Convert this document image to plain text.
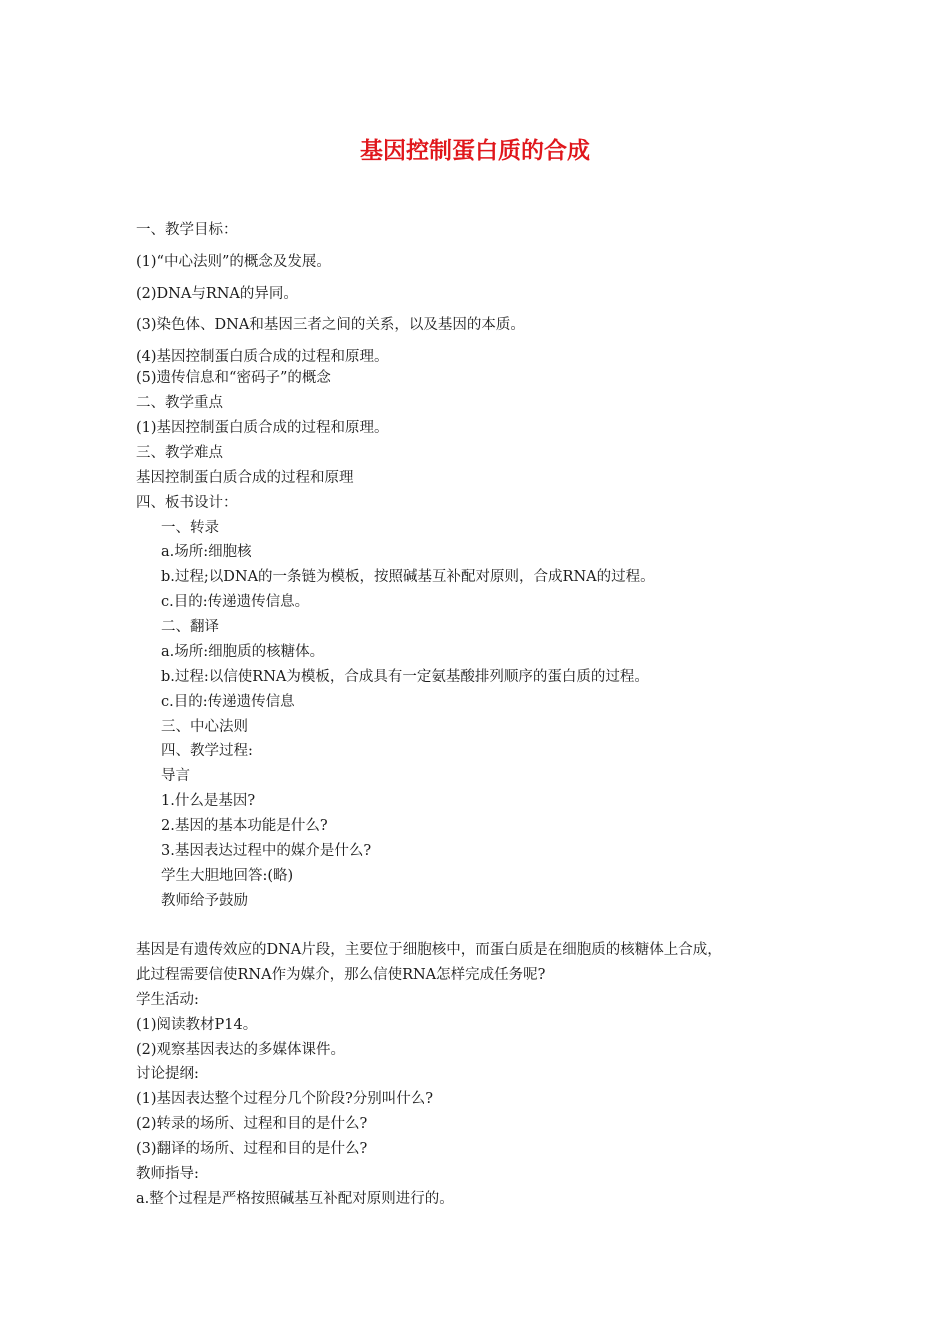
基因控制蛋白质的合成

一、教学目标：

(1)“中心法则”的概念及发展。

(2)DNA与RNA的异同。

(3)染色体、DNA和基因三者之间的关系，以及基因的本质。

(4)基因控制蛋白质合成的过程和原理。

(5)遗传信息和“密码子”的概念

二、教学重点

(1)基因控制蛋白质合成的过程和原理。

三、教学难点

基因控制蛋白质合成的过程和原理

四、板书设计：

一、转录

a.场所:细胞核

b.过程;以DNA的一条链为模板，按照碱基互补配对原则，合成RNA的过程。

c.目的:传递遗传信息。

二、翻译

a.场所:细胞质的核糖体。

b.过程:以信使RNA为模板，合成具有一定氨基酸排列顺序的蛋白质的过程。

c.目的:传递遗传信息

三、中心法则

四、教学过程:

导言

1.什么是基因?

2.基因的基本功能是什么?

3.基因表达过程中的媒介是什么?

学生大胆地回答:(略)

教师给予鼓励

基因是有遗传效应的DNA片段，主要位于细胞核中，而蛋白质是在细胞质的核糖体上合成，

此过程需要信使RNA作为媒介，那么信使RNA怎样完成任务呢?

学生活动:

(1)阅读教材P14。

(2)观察基因表达的多媒体课件。

讨论提纲:

(1)基因表达整个过程分几个阶段?分别叫什么?

(2)转录的场所、过程和目的是什么?

(3)翻译的场所、过程和目的是什么?

教师指导:

a.整个过程是严格按照碱基互补配对原则进行的。
